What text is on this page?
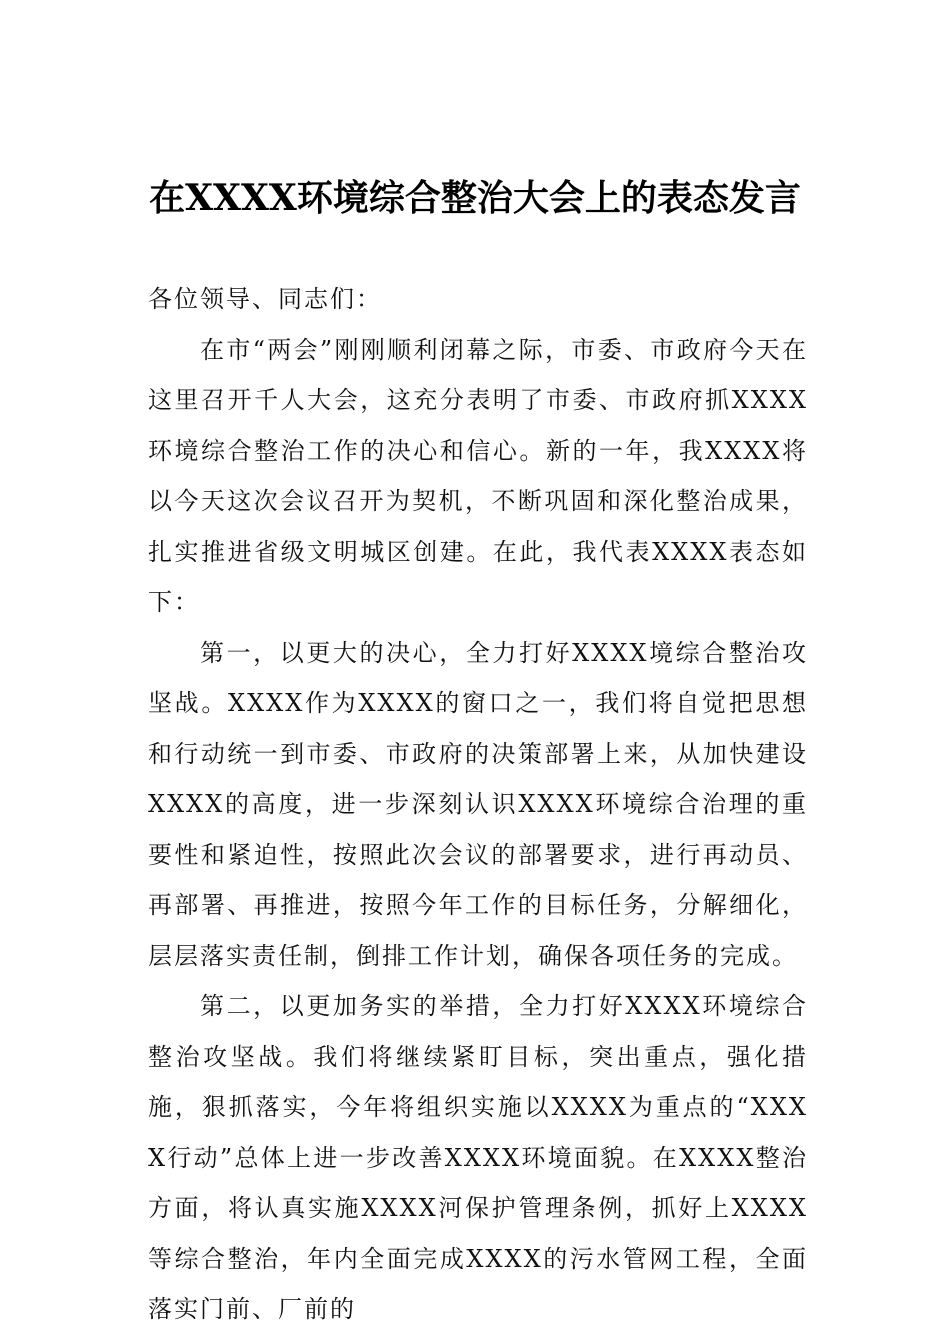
在XXXX环境综合整治大会上的表态发言

各位领导、同志们：

在市“两会”刚刚顺利闭幕之际，市委、市政府今天在这里召开千人大会，这充分表明了市委、市政府抓XXXX环境综合整治工作的决心和信心。新的一年，我XXXX将以今天这次会议召开为契机，不断巩固和深化整治成果，扎实推进省级文明城区创建。在此，我代表XXXX表态如下：

第一，以更大的决心，全力打好XXXX境综合整治攻坚战。XXXX作为XXXX的窗口之一，我们将自觉把思想和行动统一到市委、市政府的决策部署上来，从加快建设XXXX的高度，进一步深刻认识XXXX环境综合治理的重要性和紧迫性，按照此次会议的部署要求，进行再动员、再部署、再推进，按照今年工作的目标任务，分解细化，层层落实责任制，倒排工作计划，确保各项任务的完成。

第二，以更加务实的举措，全力打好XXXX环境综合整治攻坚战。我们将继续紧盯目标，突出重点，强化措施，狠抓落实，今年将组织实施以XXXX为重点的“XXXX行动”总体上进一步改善XXXX环境面貌。在XXXX整治方面，将认真实施XXXX河保护管理条例，抓好上XXXX等综合整治，年内全面完成XXXX的污水管网工程，全面落实门前、厂前的
